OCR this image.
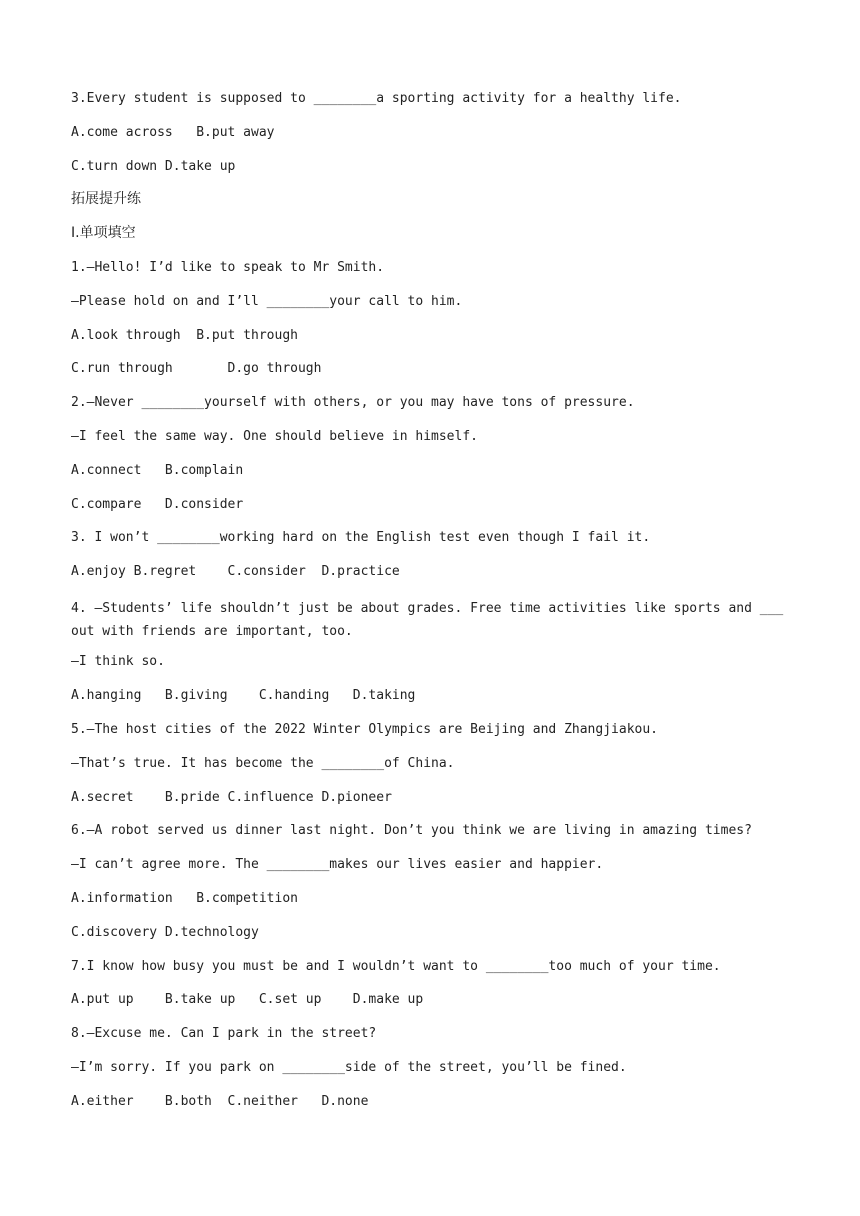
3.Every student is supposed to ________a sporting activity for a healthy life.
A.come across   B.put away
C.turn down D.take up
拓展提升练
Ⅰ.单项填空
1.—Hello! I’d like to speak to Mr Smith.
—Please hold on and I’ll ________your call to him.
A.look through  B.put through
C.run through       D.go through
2.—Never ________yourself with others, or you may have tons of pressure.
—I feel the same way. One should believe in himself.
A.connect   B.complain
C.compare   D.consider
3. I won’t ________working hard on the English test even though I fail it.
A.enjoy B.regret    C.consider  D.practice
4. —Students’ life shouldn’t just be about grades. Free time activities like sports and ___ out with friends are important, too.
—I think so.
A.hanging   B.giving    C.handing   D.taking
5.—The host cities of the 2022 Winter Olympics are Beijing and Zhangjiakou.
—That’s true. It has become the ________of China.
A.secret    B.pride C.influence D.pioneer
6.—A robot served us dinner last night. Don’t you think we are living in amazing times?
—I can’t agree more. The ________makes our lives easier and happier.
A.information   B.competition
C.discovery D.technology
7.I know how busy you must be and I wouldn’t want to ________too much of your time.
A.put up    B.take up   C.set up    D.make up
8.—Excuse me. Can I park in the street?
—I’m sorry. If you park on ________side of the street, you’ll be fined.
A.either    B.both  C.neither   D.none
